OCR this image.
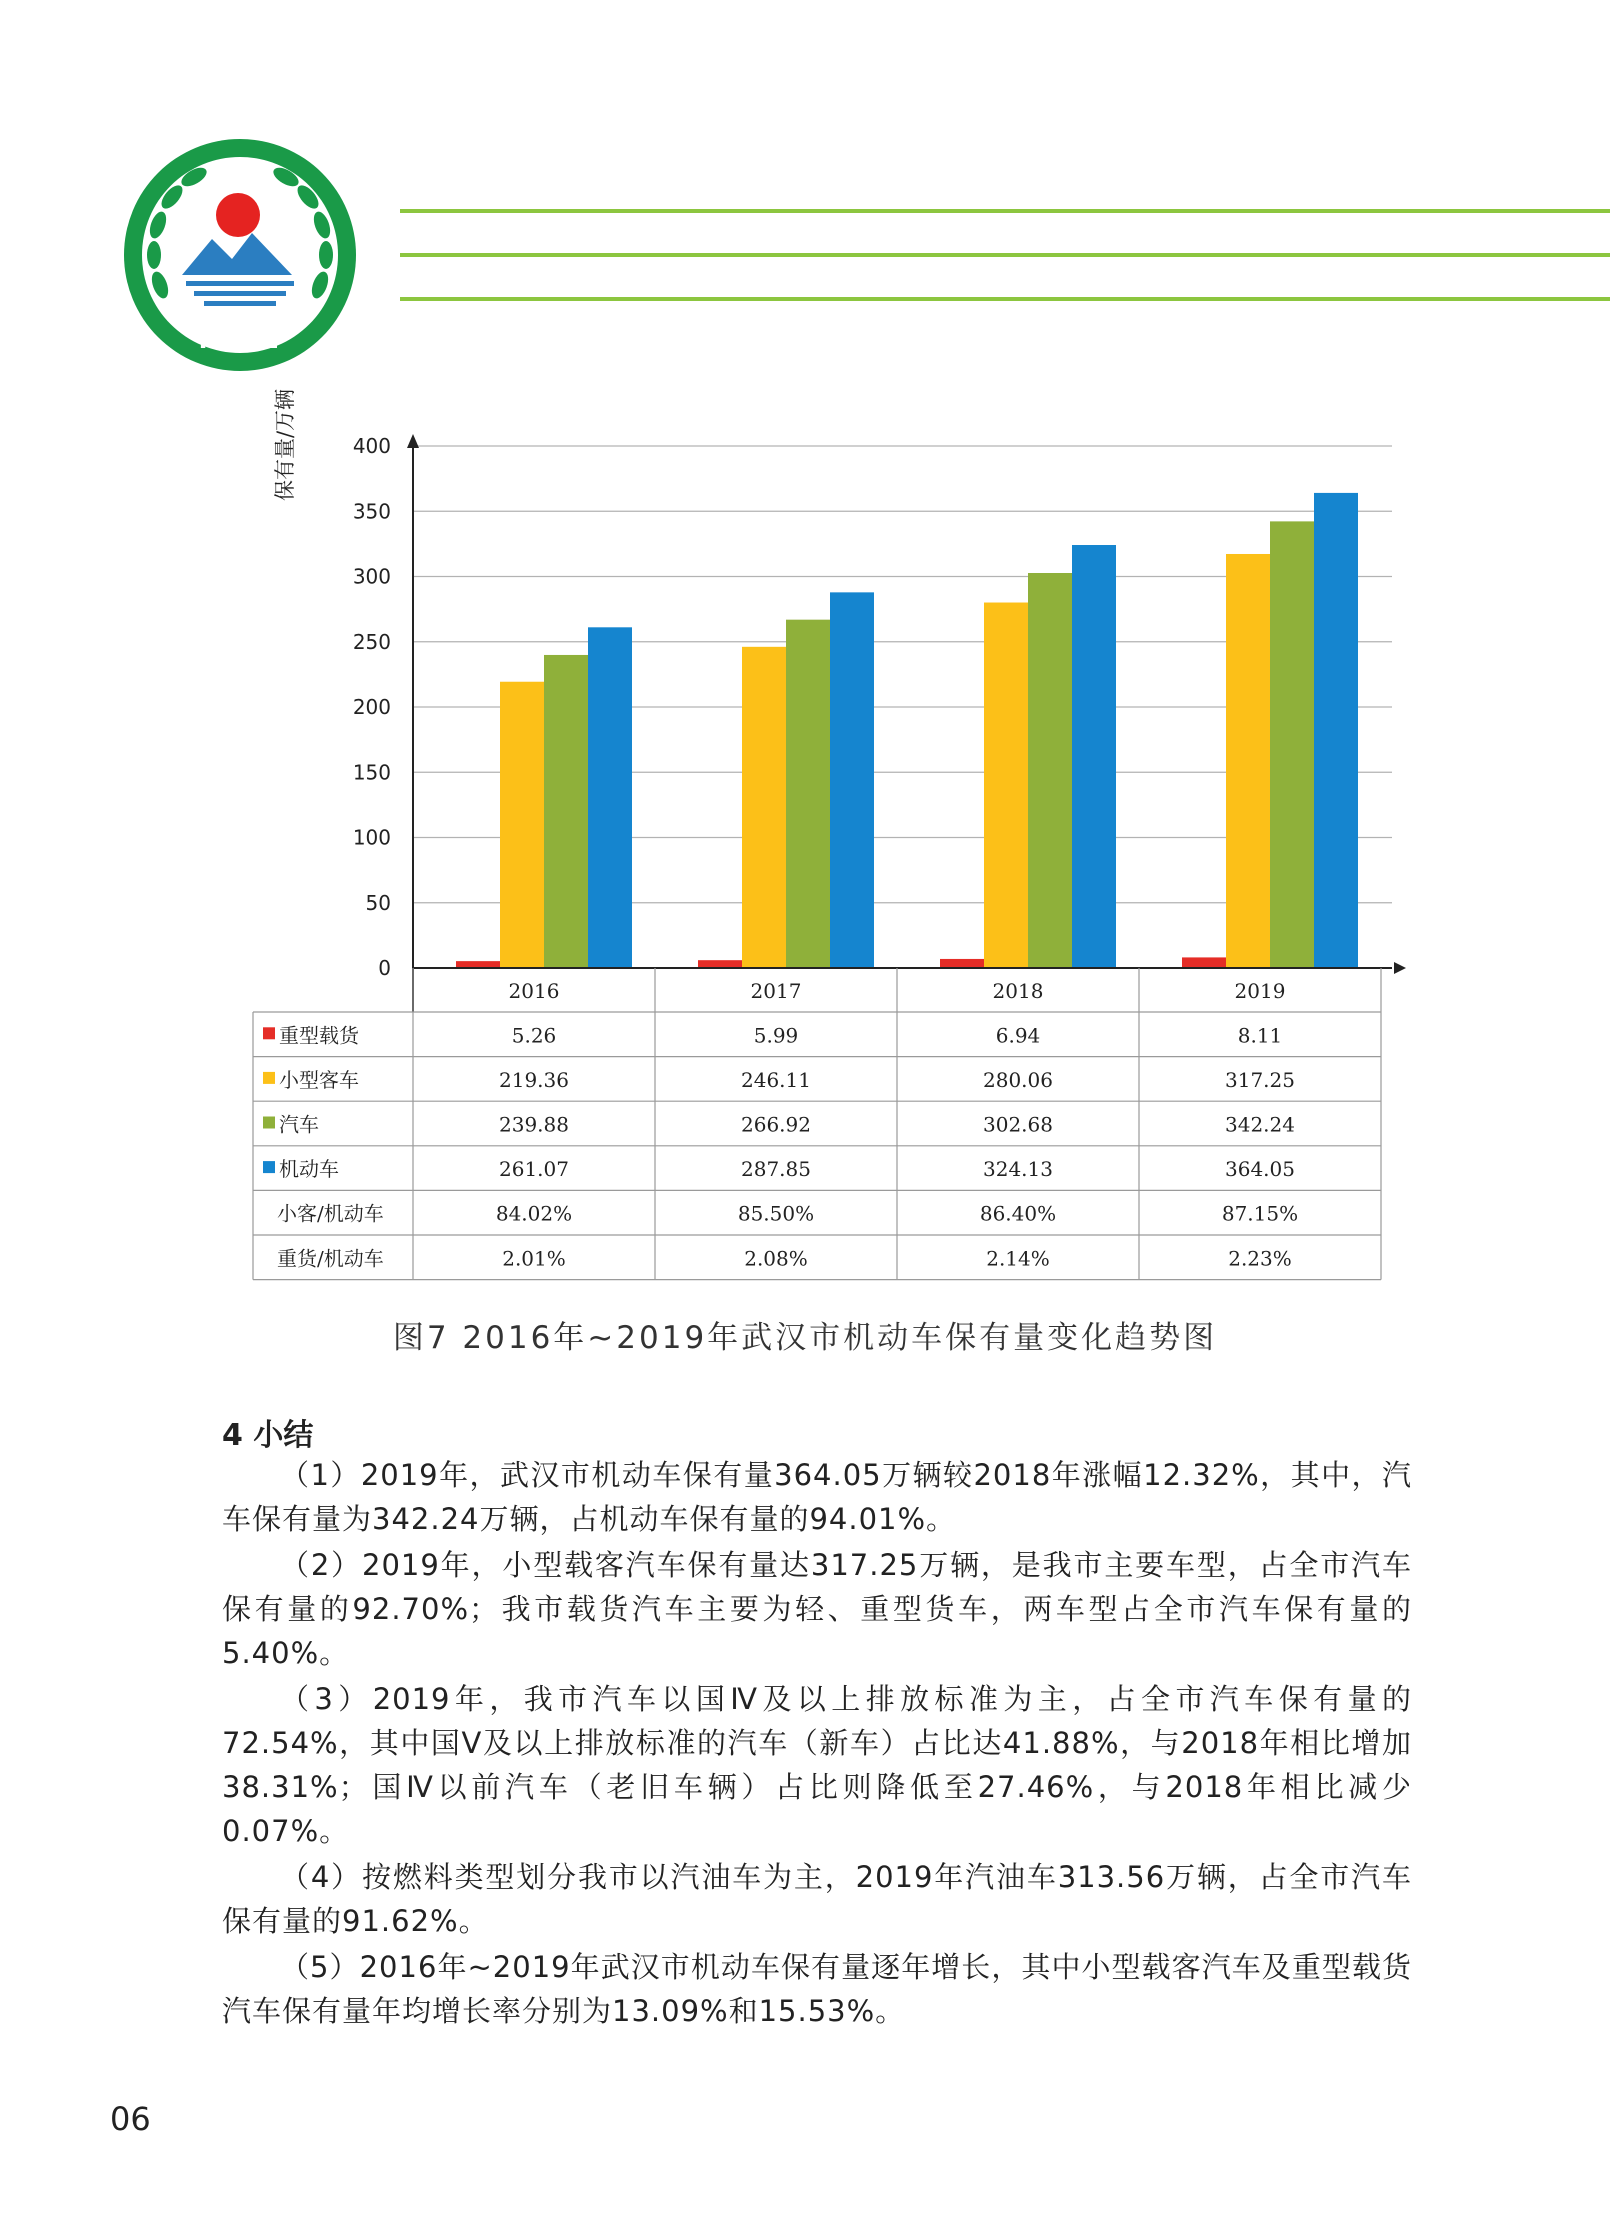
MEE
0
50
100
150
200
250
300
350
400
保有量/万辆
2016	2017	2018	2019
重型载货	5.26	5.99	6.94	8.11
小型客车	219.36	246.11	280.06	317.25
汽车	239.88	266.92	302.68	342.24
机动车	261.07	287.85	324.13	364.05
小客/机动车	84.02%	85.50%	86.40%	87.15%
重货/机动车	2.01%	2.08%	2.14%	2.23%
图7 2016年~2019年武汉市机动车保有量变化趋势图
4 小结

（1）2019年，武汉市机动车保有量364.05万辆较2018年涨幅12.32%，其中，汽车保有量为342.24万辆，占机动车保有量的94.01%。

（2）2019年，小型载客汽车保有量达317.25万辆，是我市主要车型，占全市汽车保有量的92.70%；我市载货汽车主要为轻、重型货车，两车型占全市汽车保有量的5.40%。

（3）2019年，我市汽车以国Ⅳ及以上排放标准为主，占全市汽车保有量的72.54%，其中国Ⅴ及以上排放标准的汽车（新车）占比达41.88%，与2018年相比增加38.31%；国Ⅳ以前汽车（老旧车辆）占比则降低至27.46%，与2018年相比减少0.07%。

（4）按燃料类型划分我市以汽油车为主，2019年汽油车313.56万辆，占全市汽车保有量的91.62%。

（5）2016年~2019年武汉市机动车保有量逐年增长，其中小型载客汽车及重型载货汽车保有量年均增长率分别为13.09%和15.53%。

06
